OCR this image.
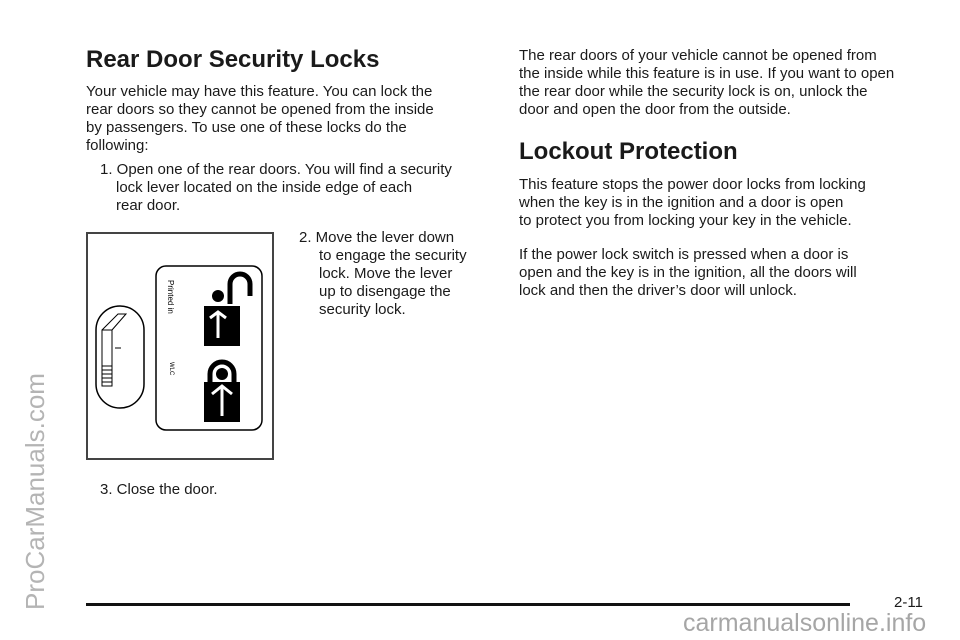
Rear Door Security Locks
Your vehicle may have this feature. You can lock the
rear doors so they cannot be opened from the inside
by passengers. To use one of these locks do the
following:
1. Open one of the rear doors. You will find a security
lock lever located on the inside edge of each
rear door.
Printed in
WLC
2. Move the lever down
to engage the security
lock. Move the lever
up to disengage the
security lock.
3. Close the door.
The rear doors of your vehicle cannot be opened from
the inside while this feature is in use. If you want to open
the rear door while the security lock is on, unlock the
door and open the door from the outside.
Lockout Protection
This feature stops the power door locks from locking
when the key is in the ignition and a door is open
to protect you from locking your key in the vehicle.
If the power lock switch is pressed when a door is
open and the key is in the ignition, all the doors will
lock and then the driver’s door will unlock.
2-11
ProCarManuals.com
carmanualsonline.info
